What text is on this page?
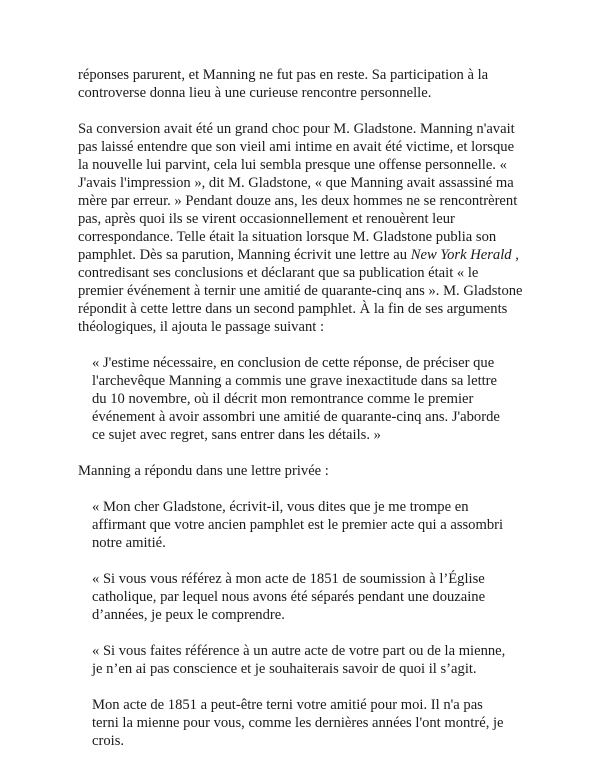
réponses parurent, et Manning ne fut pas en reste. Sa participation à la
controverse donna lieu à une curieuse rencontre personnelle.

Sa conversion avait été un grand choc pour M. Gladstone. Manning n'avait
pas laissé entendre que son vieil ami intime en avait été victime, et lorsque
la nouvelle lui parvint, cela lui sembla presque une offense personnelle. «
J'avais l'impression », dit M. Gladstone, « que Manning avait assassiné ma
mère par erreur. » Pendant douze ans, les deux hommes ne se rencontrèrent
pas, après quoi ils se virent occasionnellement et renouèrent leur
correspondance. Telle était la situation lorsque M. Gladstone publia son
pamphlet. Dès sa parution, Manning écrivit une lettre au New York Herald ,
contredisant ses conclusions et déclarant que sa publication était « le
premier événement à ternir une amitié de quarante-cinq ans ». M. Gladstone
répondit à cette lettre dans un second pamphlet. À la fin de ses arguments
théologiques, il ajouta le passage suivant :

« J'estime nécessaire, en conclusion de cette réponse, de préciser que
l'archevêque Manning a commis une grave inexactitude dans sa lettre
du 10 novembre, où il décrit mon remontrance comme le premier
événement à avoir assombri une amitié de quarante-cinq ans. J'aborde
ce sujet avec regret, sans entrer dans les détails. »

Manning a répondu dans une lettre privée :

« Mon cher Gladstone, écrivit-il, vous dites que je me trompe en
affirmant que votre ancien pamphlet est le premier acte qui a assombri
notre amitié.

« Si vous vous référez à mon acte de 1851 de soumission à l’Église
catholique, par lequel nous avons été séparés pendant une douzaine
d’années, je peux le comprendre.

« Si vous faites référence à un autre acte de votre part ou de la mienne,
je n’en ai pas conscience et je souhaiterais savoir de quoi il s’agit.

Mon acte de 1851 a peut-être terni votre amitié pour moi. Il n'a pas
terni la mienne pour vous, comme les dernières années l'ont montré, je
crois.
